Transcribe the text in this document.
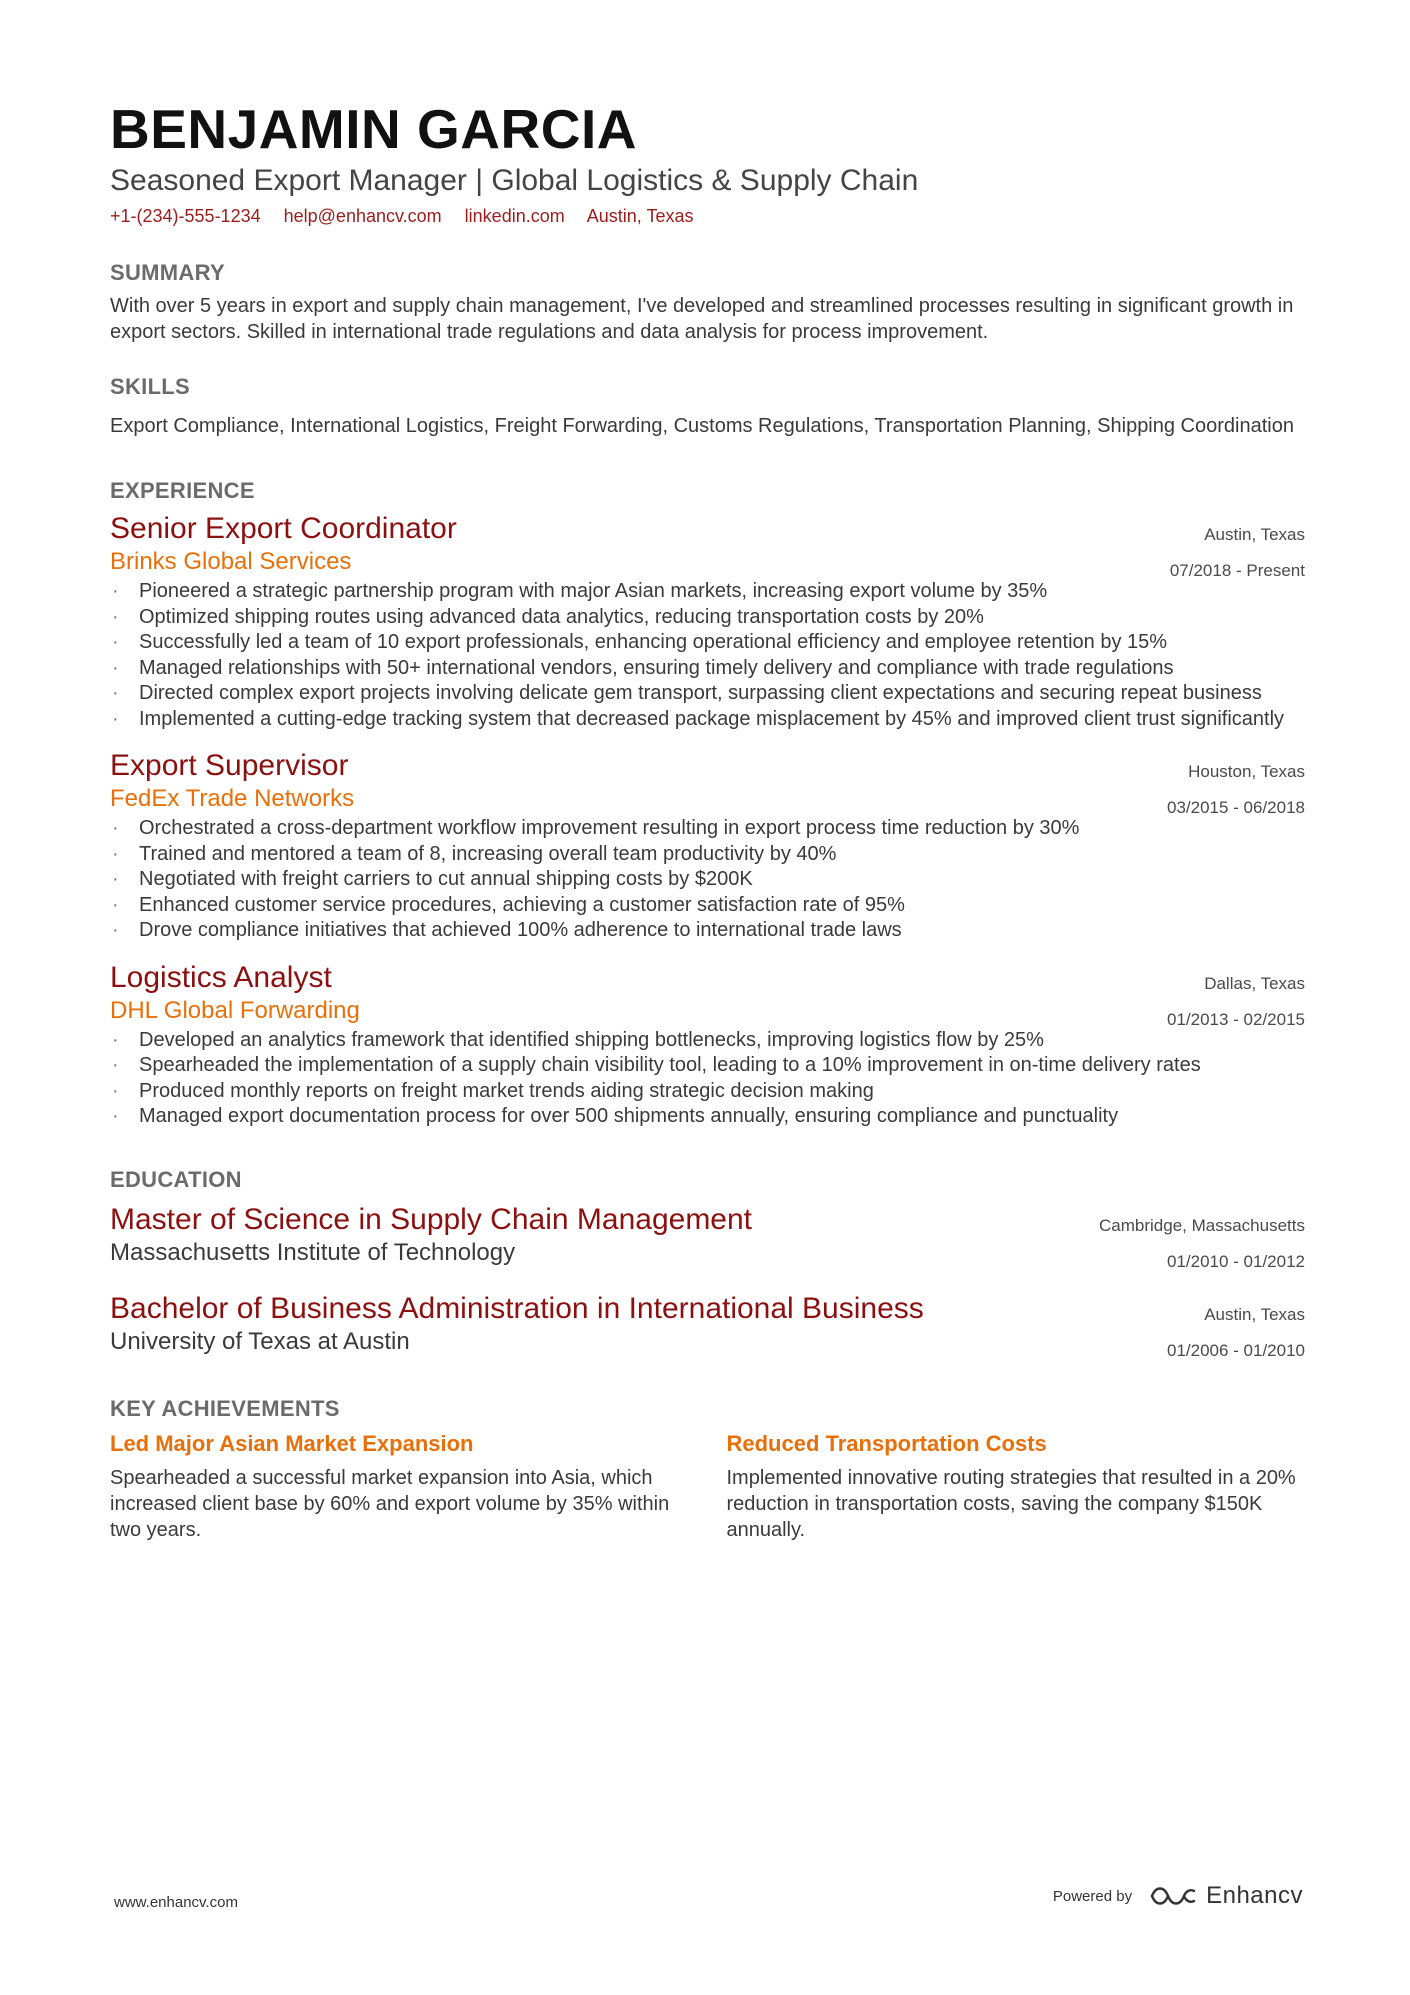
BENJAMIN GARCIA
Seasoned Export Manager | Global Logistics & Supply Chain
+1-(234)-555-1234 help@enhancv.com linkedin.com Austin, Texas
SUMMARY
With over 5 years in export and supply chain management, I've developed and streamlined processes resulting in significant growth in export sectors. Skilled in international trade regulations and data analysis for process improvement.
SKILLS
Export Compliance, International Logistics, Freight Forwarding, Customs Regulations, Transportation Planning, Shipping Coordination
EXPERIENCE
Senior Export Coordinator
Brinks Global Services
Austin, Texas
07/2018 - Present
· Pioneered a strategic partnership program with major Asian markets, increasing export volume by 35%
· Optimized shipping routes using advanced data analytics, reducing transportation costs by 20%
· Successfully led a team of 10 export professionals, enhancing operational efficiency and employee retention by 15%
· Managed relationships with 50+ international vendors, ensuring timely delivery and compliance with trade regulations
· Directed complex export projects involving delicate gem transport, surpassing client expectations and securing repeat business
· Implemented a cutting-edge tracking system that decreased package misplacement by 45% and improved client trust significantly
Export Supervisor
FedEx Trade Networks
Houston, Texas
03/2015 - 06/2018
· Orchestrated a cross-department workflow improvement resulting in export process time reduction by 30%
· Trained and mentored a team of 8, increasing overall team productivity by 40%
· Negotiated with freight carriers to cut annual shipping costs by $200K
· Enhanced customer service procedures, achieving a customer satisfaction rate of 95%
· Drove compliance initiatives that achieved 100% adherence to international trade laws
Logistics Analyst
DHL Global Forwarding
Dallas, Texas
01/2013 - 02/2015
· Developed an analytics framework that identified shipping bottlenecks, improving logistics flow by 25%
· Spearheaded the implementation of a supply chain visibility tool, leading to a 10% improvement in on-time delivery rates
· Produced monthly reports on freight market trends aiding strategic decision making
· Managed export documentation process for over 500 shipments annually, ensuring compliance and punctuality
EDUCATION
Master of Science in Supply Chain Management
Massachusetts Institute of Technology
Cambridge, Massachusetts
01/2010 - 01/2012
Bachelor of Business Administration in International Business
University of Texas at Austin
Austin, Texas
01/2006 - 01/2010
KEY ACHIEVEMENTS
Led Major Asian Market Expansion
Spearheaded a successful market expansion into Asia, which increased client base by 60% and export volume by 35% within two years.
Reduced Transportation Costs
Implemented innovative routing strategies that resulted in a 20% reduction in transportation costs, saving the company $150K annually.
www.enhancv.com	Powered by	Enhancv
